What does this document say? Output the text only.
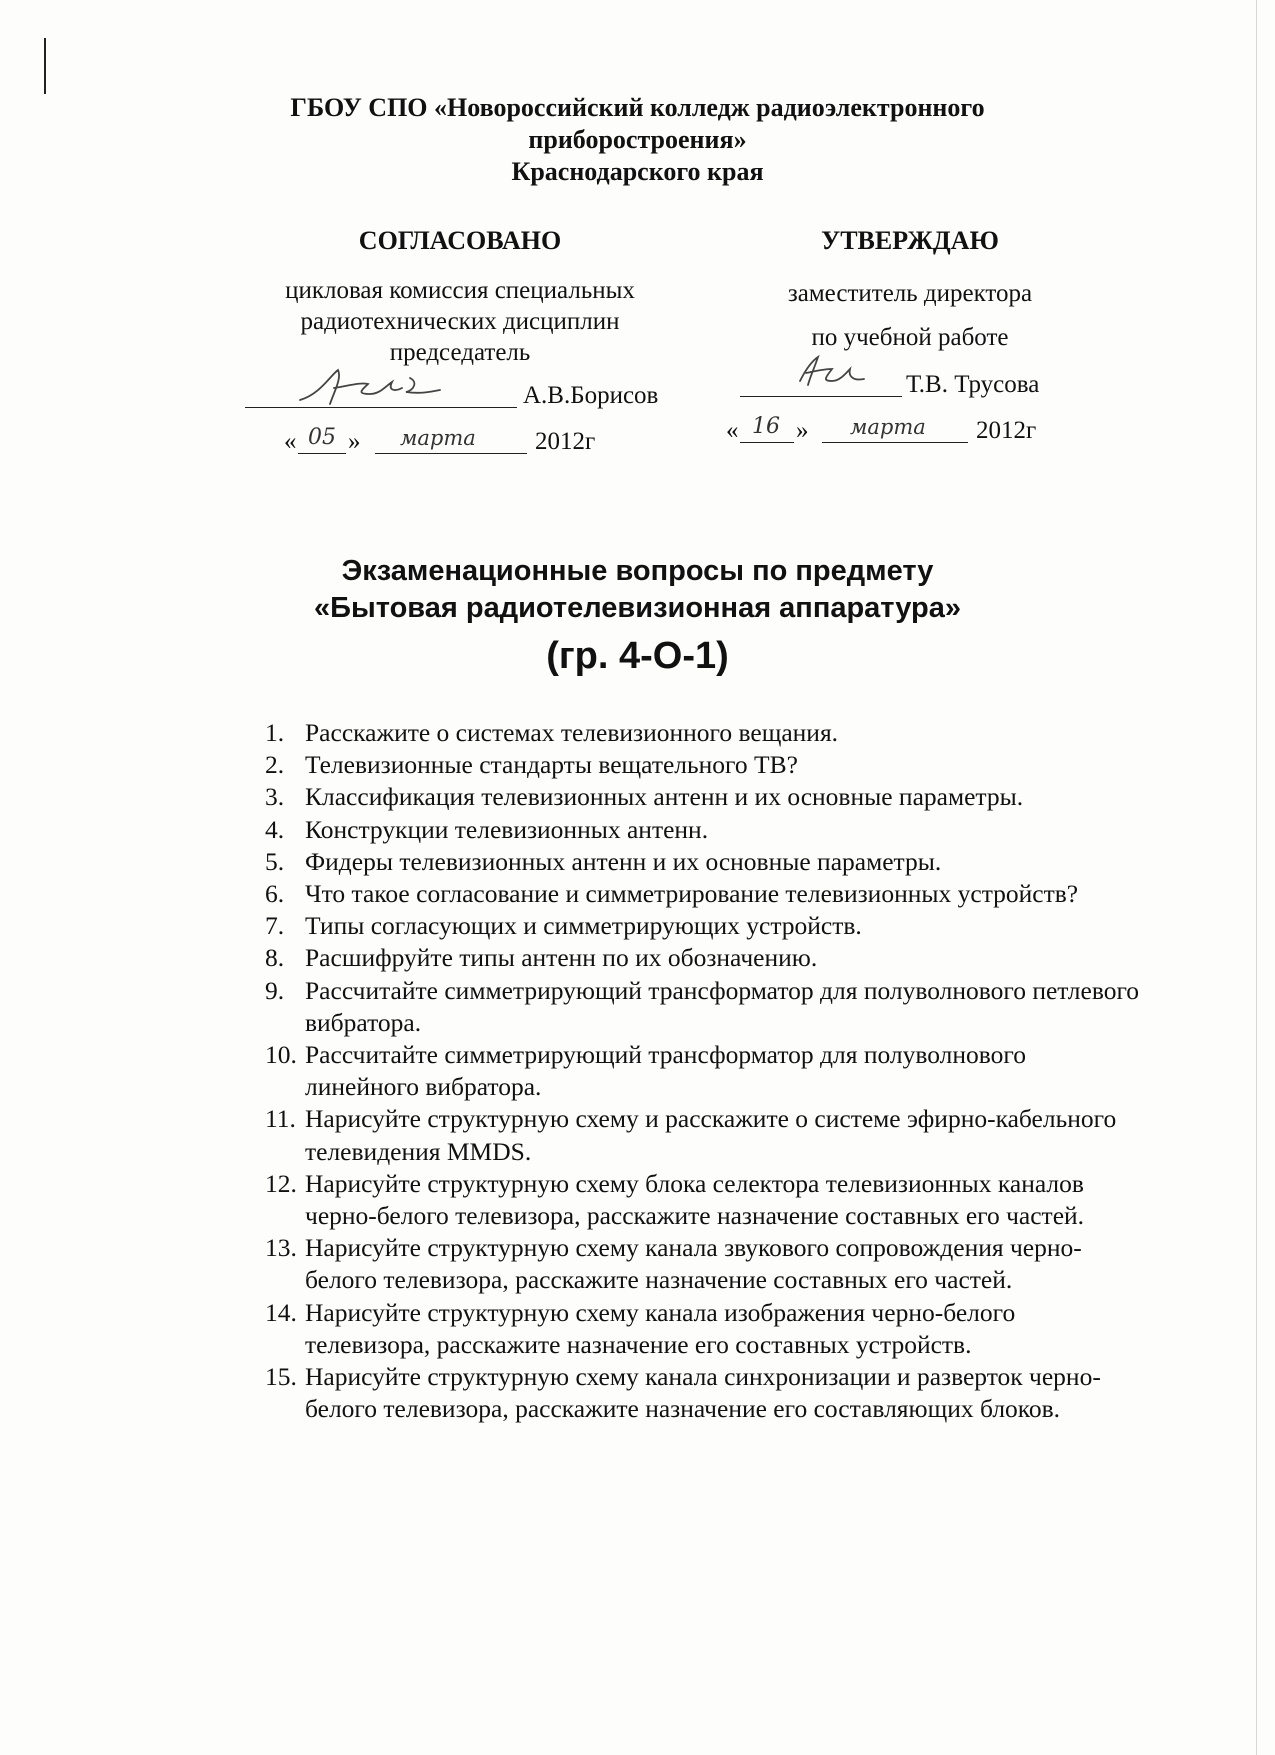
ГБОУ СПО «Новороссийский колледж радиоэлектронного
приборостроения»
Краснодарского края
СОГЛАСОВАНО
цикловая комиссия специальных
радиотехнических дисциплин
председатель
А.В.Борисов
« 05 » марта 2012г
УТВЕРЖДАЮ
заместитель директора
по учебной работе
Т.В. Трусова
« 16 » марта 2012г
Экзаменационные вопросы по предмету
«Бытовая радиотелевизионная аппаратура»
(гр. 4-О-1)
1. Расскажите о системах телевизионного вещания.
2. Телевизионные стандарты вещательного ТВ?
3. Классификация телевизионных антенн и их основные параметры.
4. Конструкции телевизионных антенн.
5. Фидеры телевизионных антенн и их основные параметры.
6. Что такое согласование и симметрирование телевизионных устройств?
7. Типы согласующих и симметрирующих устройств.
8. Расшифруйте типы антенн по их обозначению.
9. Рассчитайте симметрирующий трансформатор для полуволнового петлевого вибратора.
10. Рассчитайте симметрирующий трансформатор для полуволнового линейного вибратора.
11. Нарисуйте структурную схему и расскажите о системе эфирно-кабельного телевидения MMDS.
12. Нарисуйте структурную схему блока селектора телевизионных каналов черно-белого телевизора, расскажите назначение составных его частей.
13. Нарисуйте структурную схему канала звукового сопровождения черно-белого телевизора, расскажите назначение составных его частей.
14. Нарисуйте структурную схему канала изображения черно-белого телевизора, расскажите назначение его составных устройств.
15. Нарисуйте структурную схему канала синхронизации и разверток черно-белого телевизора, расскажите назначение его составляющих блоков.
